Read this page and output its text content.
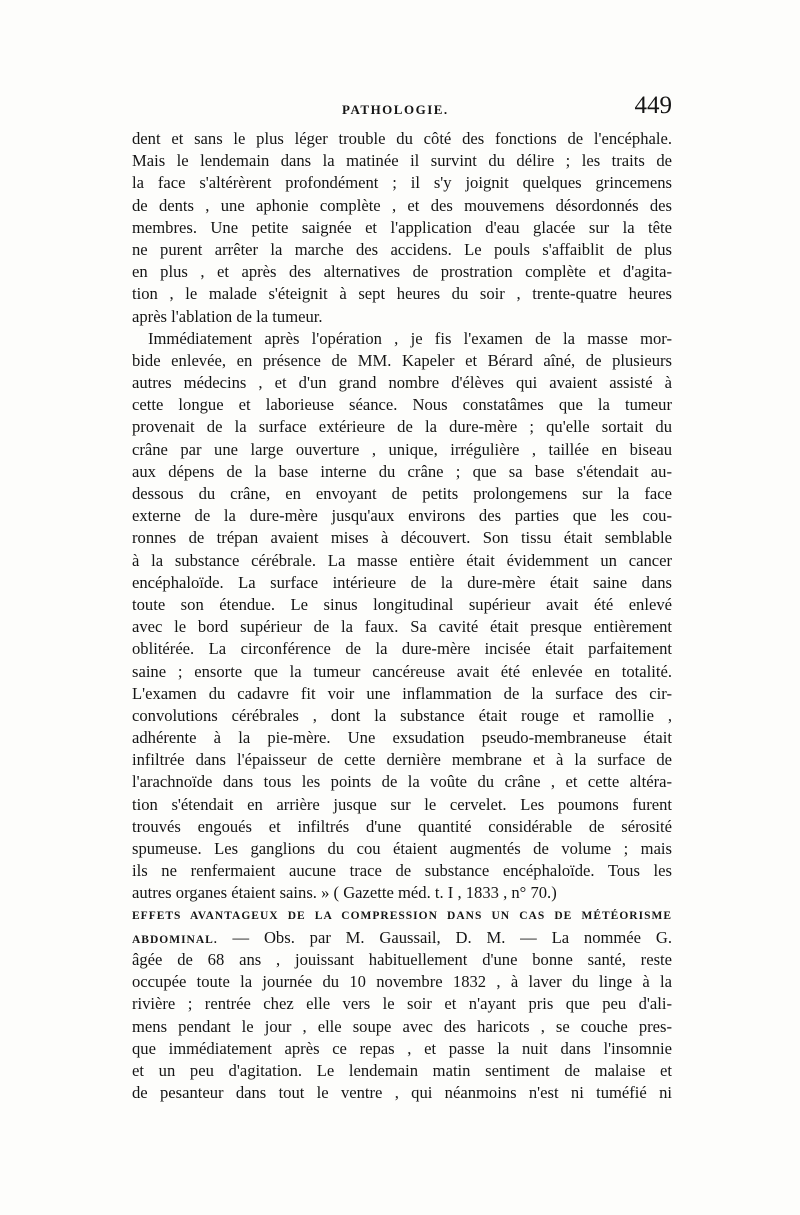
PATHOLOGIE.	449
dent et sans le plus léger trouble du côté des fonctions de l'encéphale.
Mais le lendemain dans la matinée il survint du délire ; les traits de
la face s'altérèrent profondément ; il s'y joignit quelques grincemens
de dents , une aphonie complète , et des mouvemens désordonnés des
membres. Une petite saignée et l'application d'eau glacée sur la tête
ne purent arrêter la marche des accidens. Le pouls s'affaiblit de plus
en plus , et après des alternatives de prostration complète et d'agita-
tion , le malade s'éteignit à sept heures du soir , trente-quatre heures
après l'ablation de la tumeur.
Immédiatement après l'opération , je fis l'examen de la masse mor-
bide enlevée, en présence de MM. Kapeler et Bérard aîné, de plusieurs
autres médecins , et d'un grand nombre d'élèves qui avaient assisté à
cette longue et laborieuse séance. Nous constatâmes que la tumeur
provenait de la surface extérieure de la dure-mère ; qu'elle sortait du
crâne par une large ouverture , unique, irrégulière , taillée en biseau
aux dépens de la base interne du crâne ; que sa base s'étendait au-
dessous du crâne, en envoyant de petits prolongemens sur la face
externe de la dure-mère jusqu'aux environs des parties que les cou-
ronnes de trépan avaient mises à découvert. Son tissu était semblable
à la substance cérébrale. La masse entière était évidemment un cancer
encéphaloïde. La surface intérieure de la dure-mère était saine dans
toute son étendue. Le sinus longitudinal supérieur avait été enlevé
avec le bord supérieur de la faux. Sa cavité était presque entièrement
oblitérée. La circonférence de la dure-mère incisée était parfaitement
saine ; ensorte que la tumeur cancéreuse avait été enlevée en totalité.
L'examen du cadavre fit voir une inflammation de la surface des cir-
convolutions cérébrales , dont la substance était rouge et ramollie ,
adhérente à la pie-mère. Une exsudation pseudo-membraneuse était
infiltrée dans l'épaisseur de cette dernière membrane et à la surface de
l'arachnoïde dans tous les points de la voûte du crâne , et cette altéra-
tion s'étendait en arrière jusque sur le cervelet. Les poumons furent
trouvés engoués et infiltrés d'une quantité considérable de sérosité
spumeuse. Les ganglions du cou étaient augmentés de volume ; mais
ils ne renfermaient aucune trace de substance encéphaloïde. Tous les
autres organes étaient sains. » ( Gazette méd. t. I , 1833 , n° 70.)
EFFETS AVANTAGEUX DE LA COMPRESSION DANS UN CAS DE MÉTÉORISME
ABDOMINAL. — Obs. par M. Gaussail, D. M. — La nommée G.
âgée de 68 ans , jouissant habituellement d'une bonne santé, reste
occupée toute la journée du 10 novembre 1832 , à laver du linge à la
rivière ; rentrée chez elle vers le soir et n'ayant pris que peu d'ali-
mens pendant le jour , elle soupe avec des haricots , se couche pres-
que immédiatement après ce repas , et passe la nuit dans l'insomnie
et un peu d'agitation. Le lendemain matin sentiment de malaise et
de pesanteur dans tout le ventre , qui néanmoins n'est ni tuméfié ni
